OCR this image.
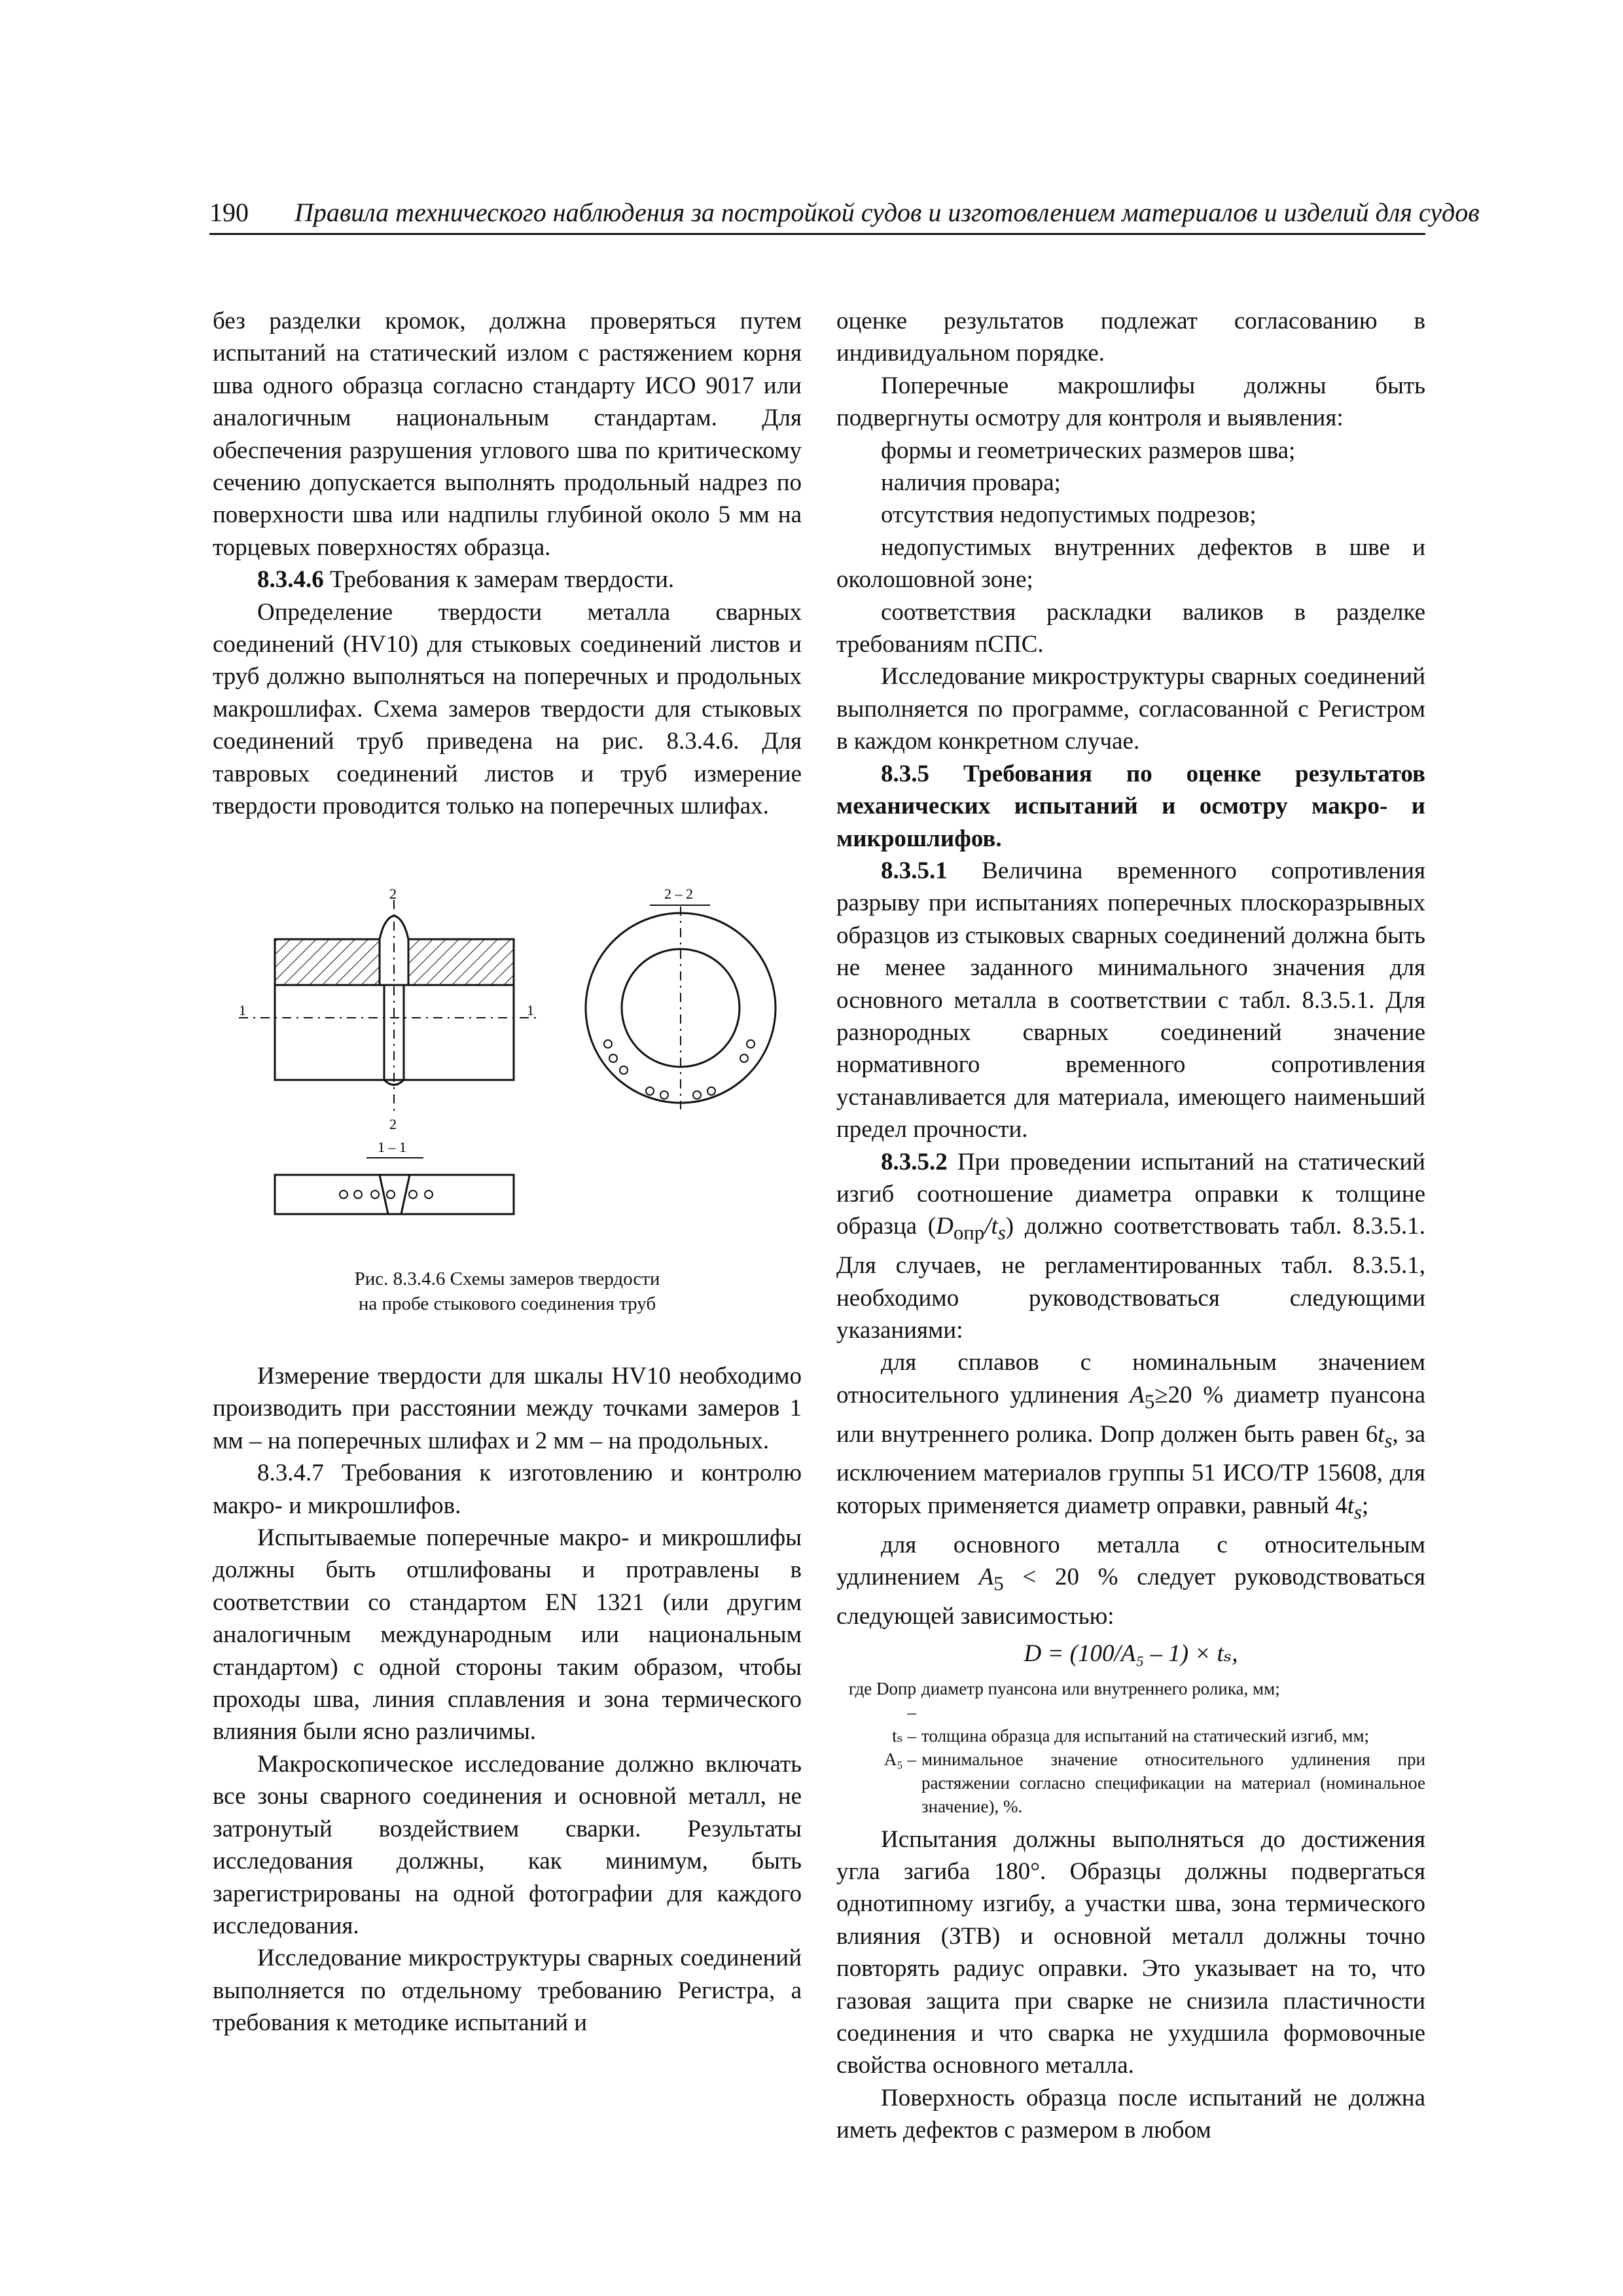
190 Правила технического наблюдения за постройкой судов и изготовлением материалов и изделий для судов

без разделки кромок, должна проверяться путем испытаний на статический излом с растяжением корня шва одного образца согласно стандарту ИСО 9017 или аналогичным национальным стандартам. Для обеспечения разрушения углового шва по критическому сечению допускается выполнять продольный надрез по поверхности шва или надпилы глубиной около 5 мм на торцевых поверхностях образца.

8.3.4.6 Требования к замерам твердости.

Определение твердости металла сварных соединений (HV10) для стыковых соединений листов и труб должно выполняться на поперечных и продольных макрошлифах. Схема замеров твердости для стыковых соединений труб приведена на рис. 8.3.4.6. Для тавровых соединений листов и труб измерение твердости проводится только на поперечных шлифах.

2
1	1
2
2 – 2
1 – 1
Рис. 8.3.4.6 Схемы замеров твердости
на пробе стыкового соединения труб

Измерение твердости для шкалы HV10 необходимо производить при расстоянии между точками замеров 1 мм – на поперечных шлифах и 2 мм – на продольных.

8.3.4.7 Требования к изготовлению и контролю макро- и микрошлифов.

Испытываемые поперечные макро- и микрошлифы должны быть отшлифованы и протравлены в соответствии со стандартом EN 1321 (или другим аналогичным международным или национальным стандартом) с одной стороны таким образом, чтобы проходы шва, линия сплавления и зона термического влияния были ясно различимы.

Макроскопическое исследование должно включать все зоны сварного соединения и основной металл, не затронутый воздействием сварки. Результаты исследования должны, как минимум, быть зарегистрированы на одной фотографии для каждого исследования.

Исследование микроструктуры сварных соединений выполняется по отдельному требованию Регистра, а требования к методике испытаний и

оценке результатов подлежат согласованию в индивидуальном порядке.

Поперечные макрошлифы должны быть подвергнуты осмотру для контроля и выявления:

формы и геометрических размеров шва;

наличия провара;

отсутствия недопустимых подрезов;

недопустимых внутренних дефектов в шве и околошовной зоне;

соответствия раскладки валиков в разделке требованиям пСПС.

Исследование микроструктуры сварных соединений выполняется по программе, согласованной с Регистром в каждом конкретном случае.

8.3.5 Требования по оценке результатов механических испытаний и осмотру макро- и микрошлифов.

8.3.5.1 Величина временного сопротивления разрыву при испытаниях поперечных плоскоразрывных образцов из стыковых сварных соединений должна быть не менее заданного минимального значения для основного металла в соответствии с табл. 8.3.5.1. Для разнородных сварных соединений значение нормативного временного сопротивления устанавливается для материала, имеющего наименьший предел прочности.

8.3.5.2 При проведении испытаний на статический изгиб соотношение диаметра оправки к толщине образца $(D_{опр}/t_s)$ должно соответствовать табл. 8.3.5.1. Для случаев, не регламентированных табл. 8.3.5.1, необходимо руководствоваться следующими указаниями:

для сплавов с номинальным значением относительного удлинения $A_5\ge 20$ % диаметр пуансона или внутреннего ролика. Dопр должен быть равен $6t_s$, за исключением материалов группы 51 ИСО/ТР 15608, для которых применяется диаметр оправки, равный $4t_s$;

для основного металла с относительным удлинением $A_5 < 20$ % следует руководствоваться следующей зависимостью:

D = (100/A₅ – 1) × tₛ,
где Dопр –
диаметр пуансона или внутреннего ролика, мм;
tₛ – толщина образца для испытаний на статический изгиб, мм;
A₅ – минимальное значение относительного удлинения при растяжении согласно спецификации на материал (номинальное значение), %.

Испытания должны выполняться до достижения угла загиба 180°. Образцы должны подвергаться однотипному изгибу, а участки шва, зона термического влияния (ЗТВ) и основной металл должны точно повторять радиус оправки. Это указывает на то, что газовая защита при сварке не снизила пластичности соединения и что сварка не ухудшила формовочные свойства основного металла.

Поверхность образца после испытаний не должна иметь дефектов с размером в любом
